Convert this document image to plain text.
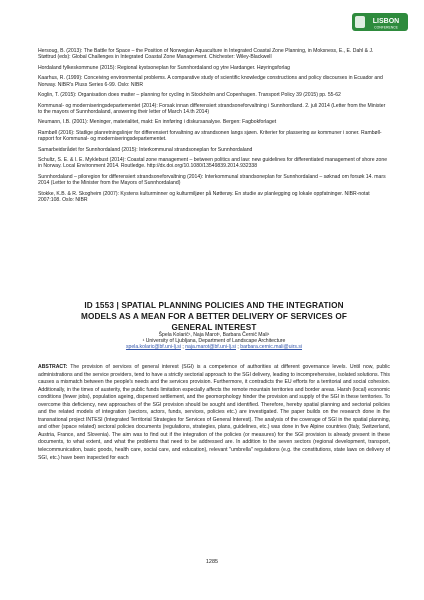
LISBON
CONFERENCE

Hersoug, B. (2013): The Battle for Space – the Position of Norwegian Aquaculture in Integrated Coastal Zone Planning, in Moksness, E., E. Dahl & J. Støttrud (eds): Global Challenges in Integrated Coastal Zone Management. Chichester: Wiley-Blackwell

Hordaland fylkeskommune (2015): Regional kystsoneplan for Sunnhordaland og ytre Hardanger. Høyringsforlag

Kaarhus, R. (1999): Conceiving environmental problems. A comparative study of scientific knowledge constructions and policy discourses in Ecuador and Norway. NIBR's Pluss Series 6-99. Oslo: NIBR

Koglin, T. (2015): Organisation does matter – planning for cycling in Stockholm and Copenhagen. Transport Policy 39 (2015) pp. 55-62

Kommunal- og moderniseringsdepartementet (2014): Forsak innan differensiert strandsoneforvaltning i Sunnhordland. 2. juli 2014 (Letter from the Minister to the mayors of Sunnhordaland, answering their letter of March 14.th 2014)

Neumann, I.B. (2001): Meninger, materialitet, makt: En innføring i diskursanalyse. Bergen: Fagbokforlaget

Rambøll (2016): Statlige planretningslinjer for differensiert forvaltning av strandsonen langs sjøen. Kriterier for plassering av kommuner i soner. Rambøll-rapport for Kommunal- og moderniseringsdepartementet.

Samarbeidsrådet for Sunnhordaland (2015): Interkommunal strandsoneplan for Sunnhordaland

Schultz, S. E. & I. E. Myklebust (2014): Coastal zone management – between politics and law: new guidelines for differentiated management of shore zone in Norway. Local Environment 2014. Routledge. http://dx.doi.org/10.1080/13549839.2014.932338

Sunnhordaland – piloregion for differensiert strandsoneforvaltning (2014): Interkommunal strandsoneplan for Sunnhordaland – søknad om forsøk 14. mars 2014 (Letter to the Minister from the Mayors of Sunnhordaland)

Stokke, K.B. & R. Skogheim (2007): Kystens kulturminner og kulturmiljøer på Nøtterøy. En studie av planlegging og lokale oppfatninger. NIBR-notat 2007:108. Oslo: NIBR

ID 1553 | SPATIAL PLANNING POLICIES AND THE INTEGRATION
MODELS AS A MEAN FOR A BETTER DELIVERY OF SERVICES OF
GENERAL INTEREST
Špela Kolarič¹, Naja Marot¹, Barbara Černič Mali¹
¹ University of Ljubljana, Department of Landscape Architecture
spela.kolaric@bf.uni-lj.si ; naja.marot@bf.uni-lj.si ; barbara.cernic.mali@uirs.si

ABSTRACT: The provision of services of general interest (SGI) is a competence of authorities at different governance levels. Until now, public administrations and the service providers, tend to have a strictly sectorial approach to the SGI delivery, leading to incomprehensive, isolated solutions. This causes a mismatch between the people's needs and the services provision. Furthermore, it contradicts the EU efforts for a territorial and social cohesion. Additionally, in the times of austerity, the public funds limitation especially affects the remote mountain territories and border areas. Harsh (local) economic conditions (fewer jobs), population ageing, dispersed settlement, and the geomorphology hinder the provision and supply of the SGI in these territories. To overcome this deficiency, new approaches of the SGI provision should be sought and identified. Therefore, hereby spatial planning and sectorial policies and the related models of integration (sectors, actors, funds, services, policies etc.) are investigated. The paper builds on the research done in the transnational project INTESI (Integrated Territorial Strategies for Services of General Interest). The analysis of the coverage of SGI in the spatial planning, and other (space related) sectoral policies documents (regulations, strategies, plans, guidelines, etc.) was done in five Alpine countries (Italy, Switzerland, Austria, France, and Slovenia). The aim was to find out if the integration of the policies (or measures) for the SGI provision is already present in these documents, to what extent, and what the problems that need to be addressed are. In addition to the seven sectors (regional development, transport, telecommunication, basic goods, health care, social care, and education), relevant "umbrella" regulations (e.g. the constitutions, state laws on delivery of SGI, etc.) have been inspected for each

1285
